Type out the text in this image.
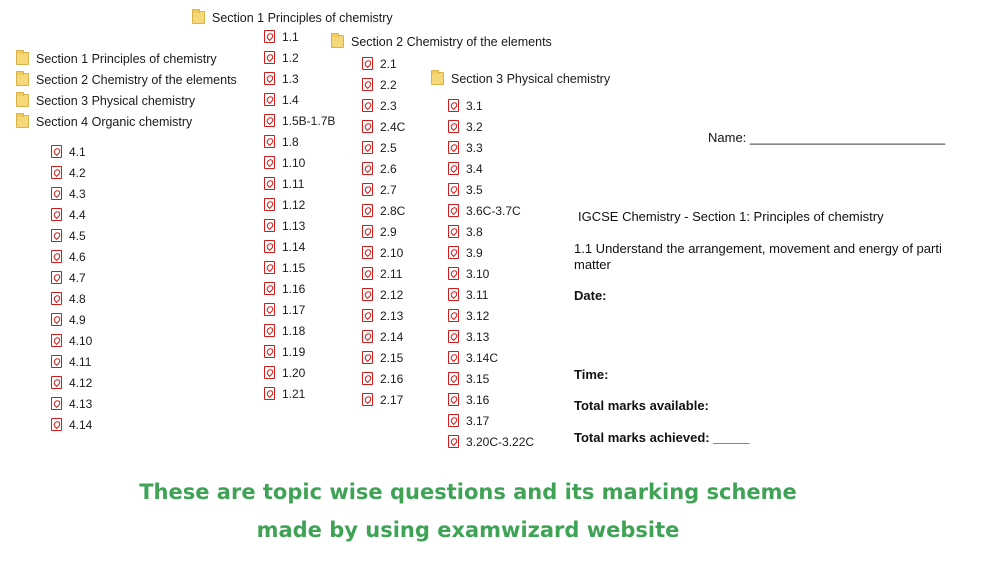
Section 1 Principles of chemistry
Section 2 Chemistry of the elements
Section 3 Physical chemistry
Section 4 Organic chemistry
4.1
4.2
4.3
4.4
4.5
4.6
4.7
4.8
4.9
4.10
4.11
4.12
4.13
4.14
Section 1 Principles of chemistry
1.1
1.2
1.3
1.4
1.5B-1.7B
1.8
1.10
1.11
1.12
1.13
1.14
1.15
1.16
1.17
1.18
1.19
1.20
1.21
Section 2 Chemistry of the elements
2.1
2.2
2.3
2.4C
2.5
2.6
2.7
2.8C
2.9
2.10
2.11
2.12
2.13
2.14
2.15
2.16
2.17
Section 3 Physical chemistry
3.1
3.2
3.3
3.4
3.5
3.6C-3.7C
3.8
3.9
3.10
3.11
3.12
3.13
3.14C
3.15
3.16
3.17
3.20C-3.22C
Name: ___________________________
IGCSE Chemistry - Section 1: Principles of chemistry
1.1 Understand the arrangement, movement and energy of parti
matter
Date:
Time:
Total marks available:
Total marks achieved: _____
These are topic wise questions and its marking scheme
made by using examwizard website
